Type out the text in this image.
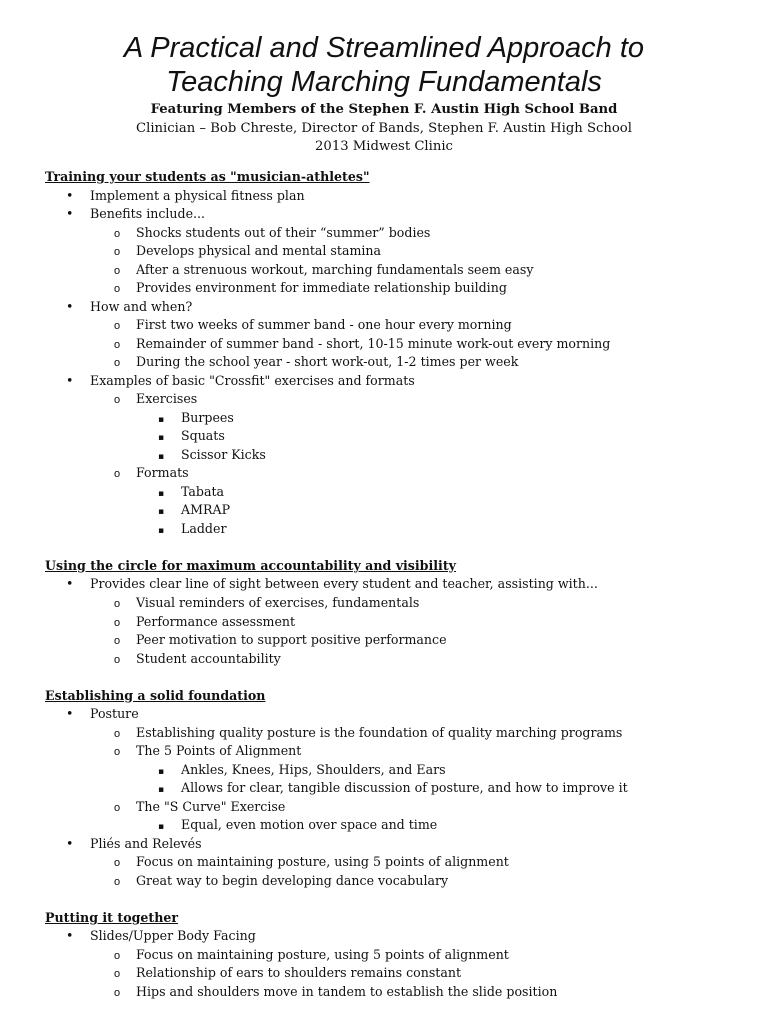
A Practical and Streamlined Approach to
Teaching Marching Fundamentals
Featuring Members of the Stephen F. Austin High School Band
Clinician – Bob Chreste, Director of Bands, Stephen F. Austin High School
2013 Midwest Clinic
Training your students as "musician-athletes"
• Implement a physical fitness plan
• Benefits include...
o Shocks students out of their “summer” bodies
o Develops physical and mental stamina
o After a strenuous workout, marching fundamentals seem easy
o Provides environment for immediate relationship building
• How and when?
o First two weeks of summer band - one hour every morning
o Remainder of summer band - short, 10-15 minute work-out every morning
o During the school year - short work-out, 1-2 times per week
• Examples of basic "Crossfit" exercises and formats
o Exercises
▪ Burpees
▪ Squats
▪ Scissor Kicks
o Formats
▪ Tabata
▪ AMRAP
▪ Ladder
Using the circle for maximum accountability and visibility
• Provides clear line of sight between every student and teacher, assisting with...
o Visual reminders of exercises, fundamentals
o Performance assessment
o Peer motivation to support positive performance
o Student accountability
Establishing a solid foundation
• Posture
o Establishing quality posture is the foundation of quality marching programs
o The 5 Points of Alignment
▪ Ankles, Knees, Hips, Shoulders, and Ears
▪ Allows for clear, tangible discussion of posture, and how to improve it
o The "S Curve" Exercise
▪ Equal, even motion over space and time
• Pliés and Relevés
o Focus on maintaining posture, using 5 points of alignment
o Great way to begin developing dance vocabulary
Putting it together
• Slides/Upper Body Facing
o Focus on maintaining posture, using 5 points of alignment
o Relationship of ears to shoulders remains constant
o Hips and shoulders move in tandem to establish the slide position
